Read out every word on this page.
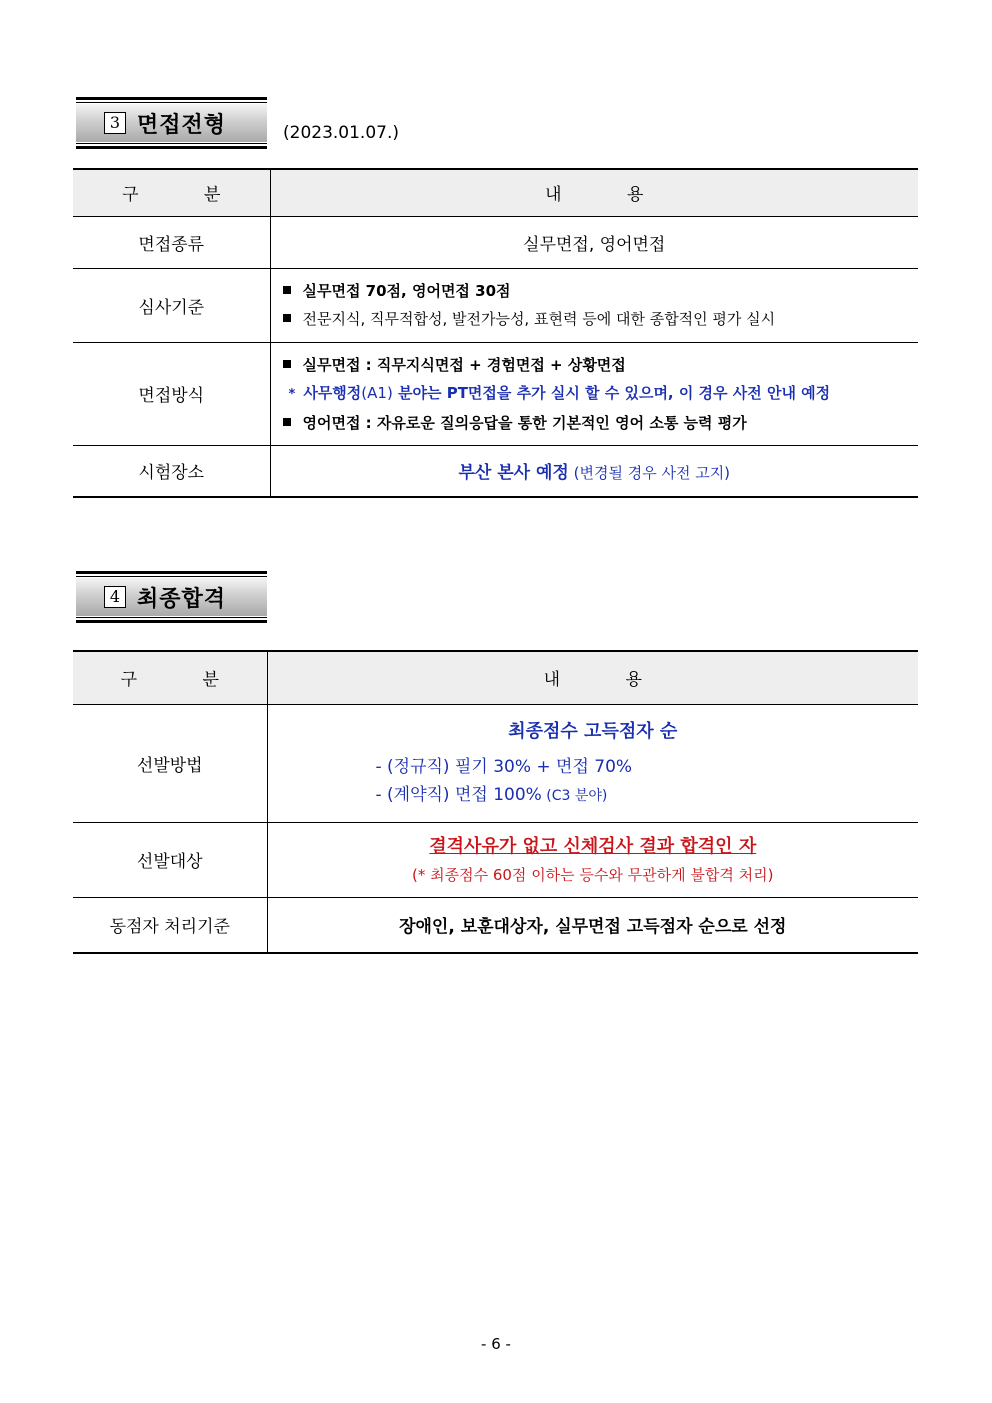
3 면접전형	(2023.01.07.)
구 분	내 용
면접종류	실무면접, 영어면접
심사기준	실무면접 70점, 영어면접 30점
전문지식, 직무적합성, 발전가능성, 표현력 등에 대한 종합적인 평가 실시

면접방식	실무면접 : 직무지식면접 + 경험면접 + 상황면접
* 사무행정(A1) 분야는 PT면접을 추가 실시 할 수 있으며, 이 경우 사전 안내 예정
영어면접 : 자유로운 질의응답을 통한 기본적인 영어 소통 능력 평가

시험장소	부산 본사 예정 (변경될 경우 사전 고지)
4 최종합격
구 분	내 용
선발방법	최종점수 고득점자 순
- (정규직) 필기 30% + 면접 70%
- (계약직) 면접 100% (C3 분야)

선발대상	결격사유가 없고 신체검사 결과 합격인 자
(* 최종점수 60점 이하는 등수와 무관하게 불합격 처리)

동점자 처리기준	장애인, 보훈대상자, 실무면접 고득점자 순으로 선정
- 6 -
